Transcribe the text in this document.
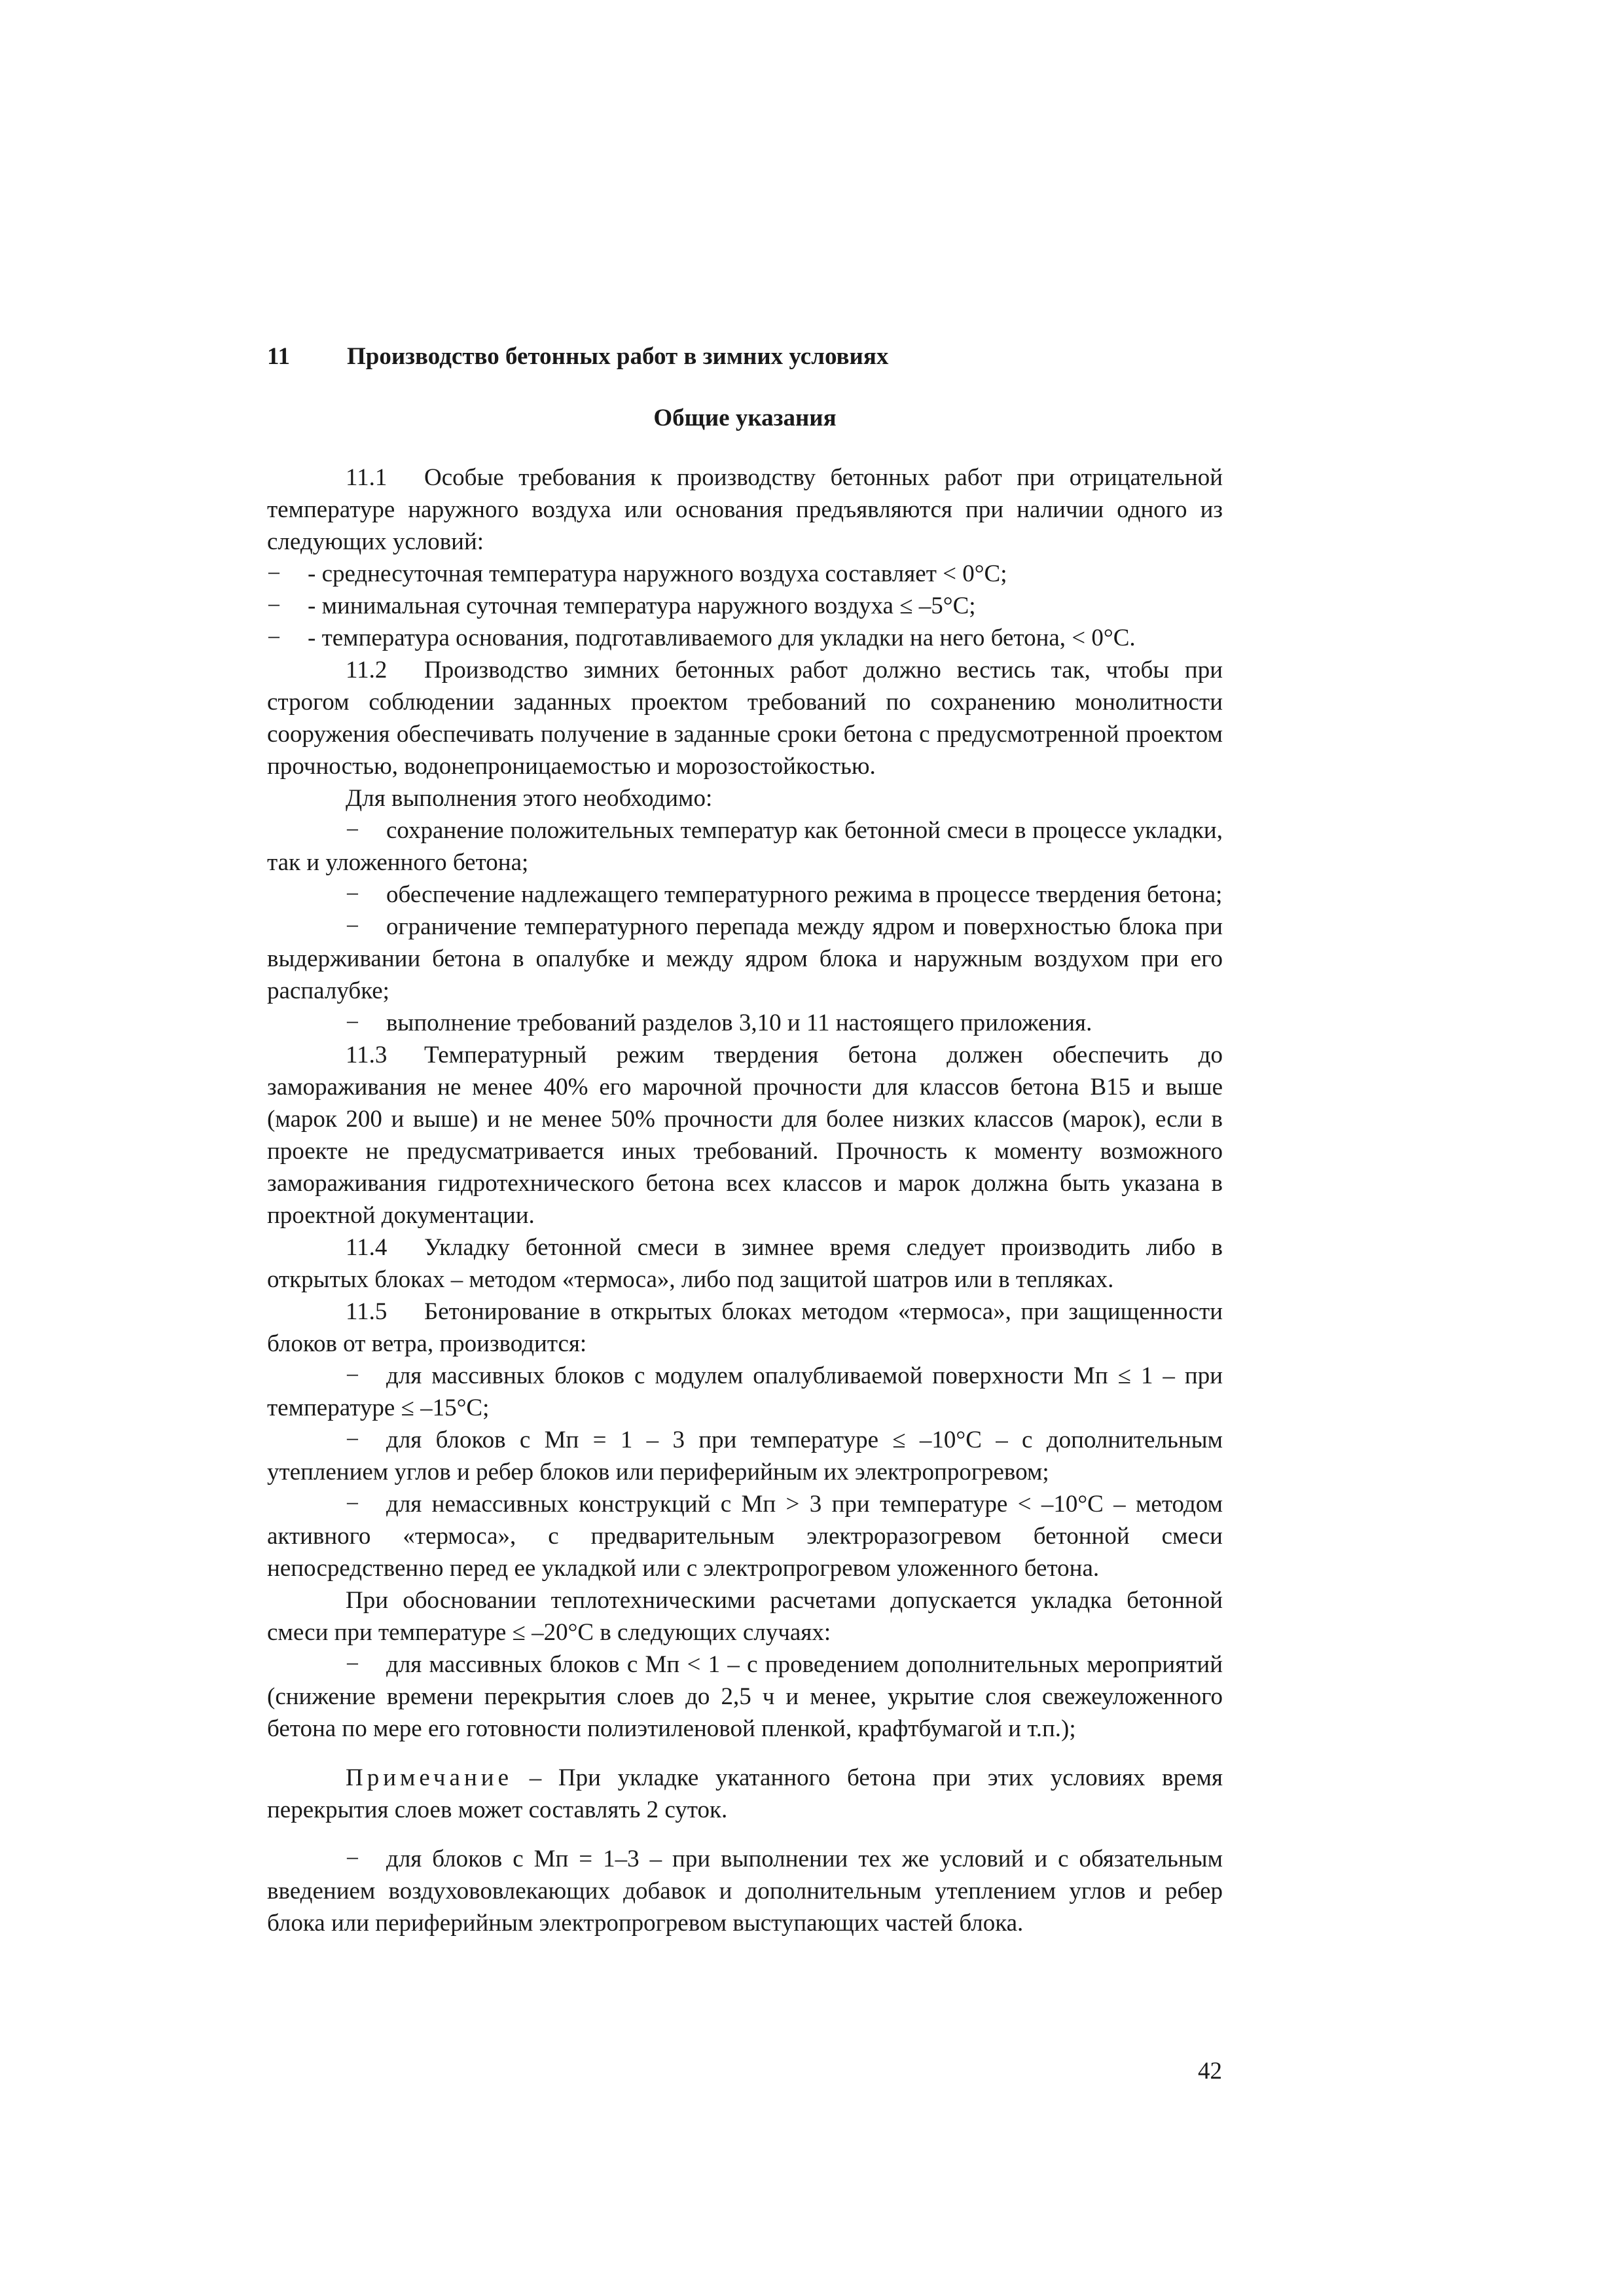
11 Производство бетонных работ в зимних условиях
Общие указания

11.1 Особые требования к производству бетонных работ при отрицательной температуре наружного воздуха или основания предъявляются при наличии одного из следующих условий:

− - среднесуточная температура наружного воздуха составляет < 0°С;

− - минимальная суточная температура наружного воздуха ≤ –5°С;

− - температура основания, подготавливаемого для укладки на него бетона, < 0°С.

11.2 Производство зимних бетонных работ должно вестись так, чтобы при строгом соблюдении заданных проектом требований по сохранению монолитности сооружения обеспечивать получение в заданные сроки бетона с предусмотренной проектом прочностью, водонепроницаемостью и морозостойкостью.

Для выполнения этого необходимо:

− сохранение положительных температур как бетонной смеси в процессе укладки, так и уложенного бетона;

− обеспечение надлежащего температурного режима в процессе твердения бетона;

− ограничение температурного перепада между ядром и поверхностью блока при выдерживании бетона в опалубке и между ядром блока и наружным воздухом при его распалубке;

− выполнение требований разделов 3,10 и 11 настоящего приложения.

11.3 Температурный режим твердения бетона должен обеспечить до замораживания не менее 40% его марочной прочности для классов бетона В15 и выше (марок 200 и выше) и не менее 50% прочности для более низких классов (марок), если в проекте не предусматривается иных требований. Прочность к моменту возможного замораживания гидротехнического бетона всех классов и марок должна быть указана в проектной документации.

11.4 Укладку бетонной смеси в зимнее время следует производить либо в открытых блоках – методом «термоса», либо под защитой шатров или в тепляках.

11.5 Бетонирование в открытых блоках методом «термоса», при защищенности блоков от ветра, производится:

− для массивных блоков с модулем опалубливаемой поверхности Мп ≤ 1 – при температуре ≤ –15°С;

− для блоков с Мп = 1 – 3 при температуре ≤ –10°С – с дополнительным утеплением углов и ребер блоков или периферийным их электропрогревом;

− для немассивных конструкций с Мп > 3 при температуре < –10°С – методом активного «термоса», с предварительным электроразогревом бетонной смеси непосредственно перед ее укладкой или с электропрогревом уложенного бетона.

При обосновании теплотехническими расчетами допускается укладка бетонной смеси при температуре ≤ –20°С в следующих случаях:

− для массивных блоков с Мп < 1 – с проведением дополнительных мероприятий (снижение времени перекрытия слоев до 2,5 ч и менее, укрытие слоя свежеуложенного бетона по мере его готовности полиэтиленовой пленкой, крафтбумагой и т.п.);

Примечание – При укладке укатанного бетона при этих условиях время перекрытия слоев может составлять 2 суток.

− для блоков с Мп = 1–3 – при выполнении тех же условий и с обязательным введением воздухововлекающих добавок и дополнительным утеплением углов и ребер блока или периферийным электропрогревом выступающих частей блока.

42
